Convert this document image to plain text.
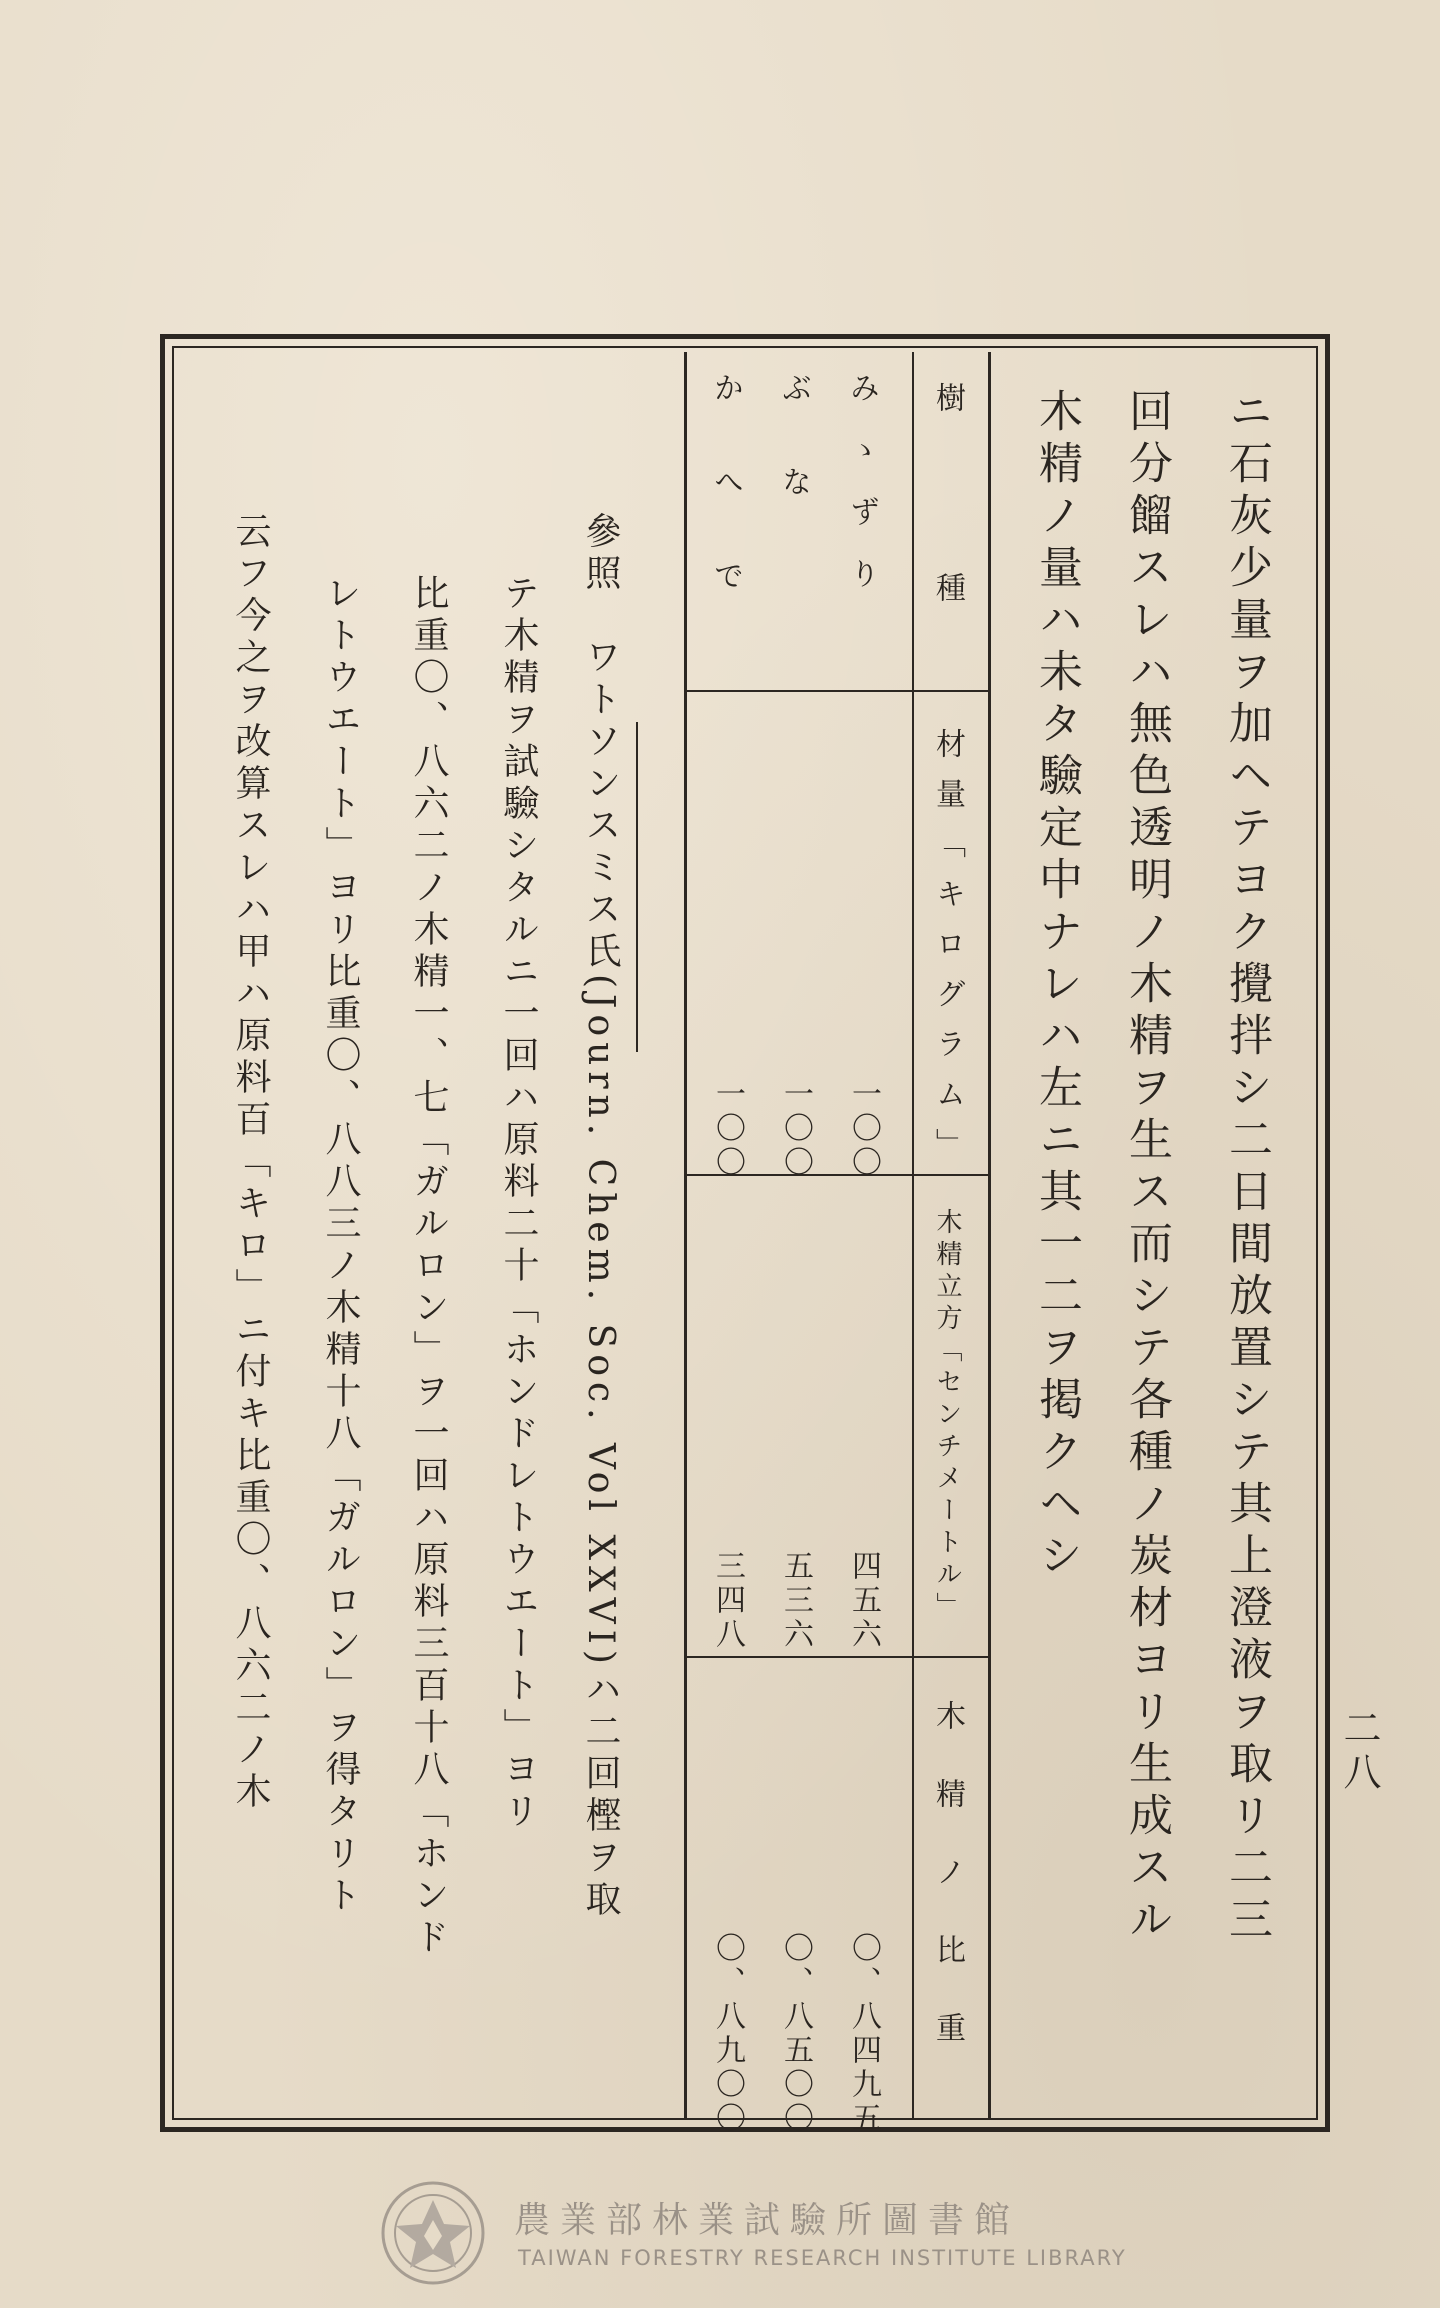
二八
ニ石灰少量ヲ加ヘテヨク攪拌シ二日間放置シテ其上澄液ヲ取リ二三
回分餾スレハ無色透明ノ木精ヲ生ス而シテ各種ノ炭材ヨリ生成スル
木精ノ量ハ未タ驗定中ナレハ左ニ其一二ヲ掲クヘシ
樹種
材量「キログラム」
木精立方「センチメートル」
木精ノ比重
みゝずり
一〇〇
四五六
〇、八四九五
ぶな
一〇〇
五三六
〇、八五〇〇
かへで
一〇〇
三四八
〇、八九〇〇
參照　ワトソンスミス氏(Journ. Chem. Soc. Vol XXVI)ハ二回樫ヲ取
テ木精ヲ試驗シタルニ一回ハ原料二十「ホンドレトウエート」ヨリ
比重〇、八六二ノ木精一、七「ガルロン」ヲ一回ハ原料三百十八「ホンド
レトウエート」ヨリ比重〇、八八三ノ木精十八「ガルロン」ヲ得タリト
云フ今之ヲ改算スレハ甲ハ原料百「キロ」ニ付キ比重〇、八六二ノ木
農業部林業試驗所圖書館
TAIWAN FORESTRY RESEARCH INSTITUTE LIBRARY
